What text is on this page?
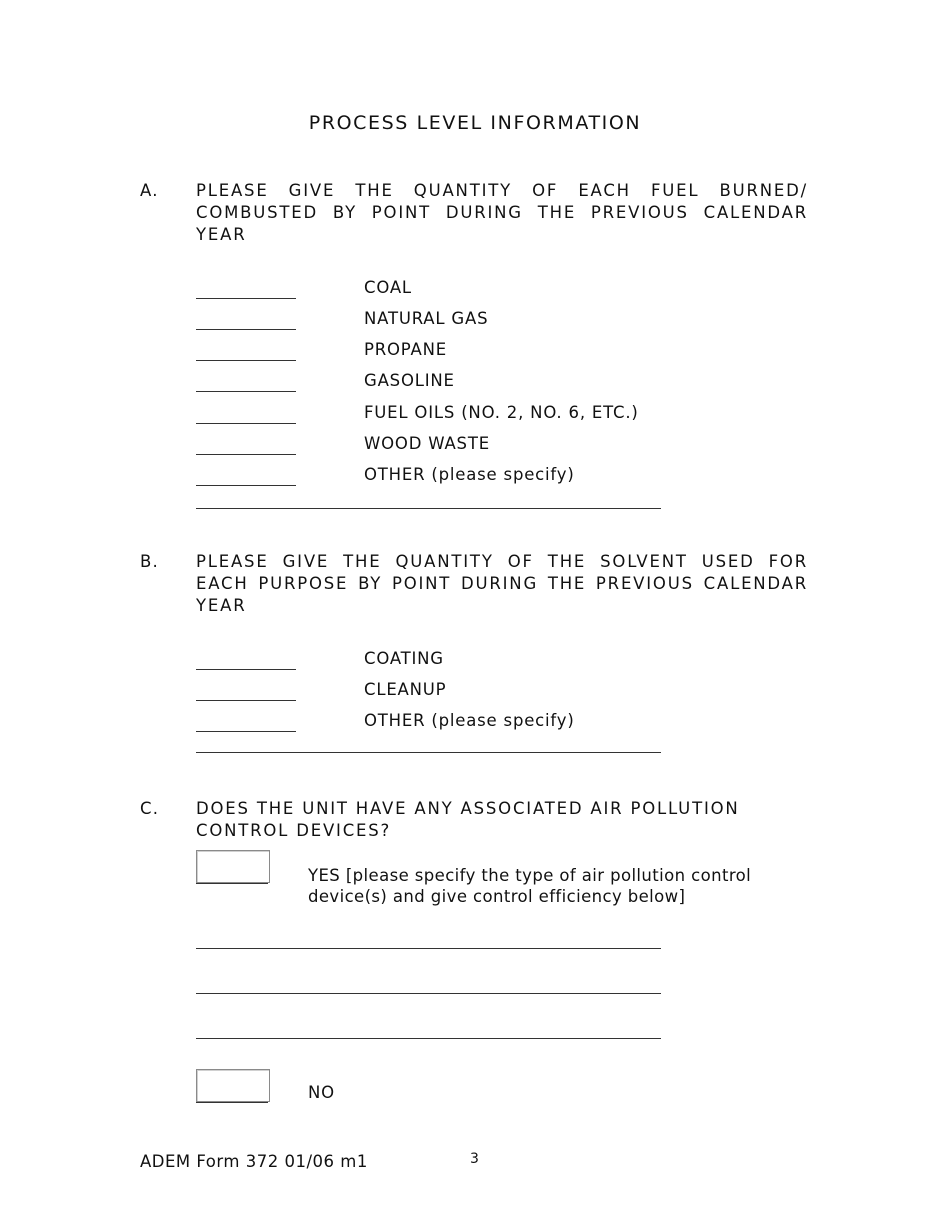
PROCESS LEVEL INFORMATION
A. PLEASE GIVE THE QUANTITY OF EACH FUEL BURNED/
COMBUSTED BY POINT DURING THE PREVIOUS CALENDAR
YEAR
COAL
NATURAL GAS
PROPANE
GASOLINE
FUEL OILS (NO. 2, NO. 6, ETC.)
WOOD WASTE
OTHER (please specify)
B. PLEASE GIVE THE QUANTITY OF THE SOLVENT USED FOR
EACH PURPOSE BY POINT DURING THE PREVIOUS CALENDAR
YEAR
COATING
CLEANUP
OTHER (please specify)
C. DOES THE UNIT HAVE ANY ASSOCIATED AIR POLLUTION
CONTROL DEVICES?
YES [please specify the type of air pollution control device(s) and give control efficiency below]
NO
ADEM Form 372 01/06 m1	3
